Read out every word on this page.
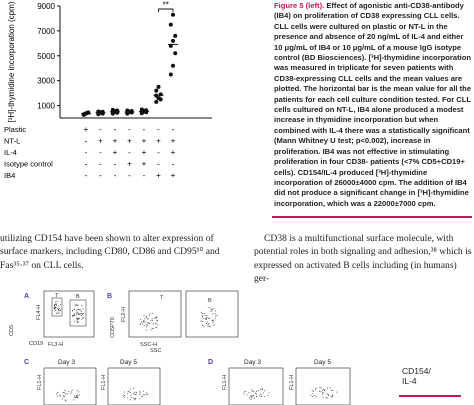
[³H]-thymidine incorporation (cpm)	1000
3000
5000
7000
9000	**
Plastic	+ - - - - - -
NT-L	- + + + + + +
IL-4	- - + - + - +
Isotype control	- - - + + - -
IB4	- - - - - + +
Figure 5 (left). Effect of agonistic anti-CD38-antibody (IB4) on proliferation of CD38 expressing CLL cells. CLL cells were cultured on plastic or NT-L in the presence and absence of 20 ng/mL of IL-4 and either 10 μg/mL of IB4 or 10 μg/mL of a mouse IgG isotype control (BD Biosciences). [³H]-thymidine incorporation was measured in triplicate for seven patients with CD38-expressing CLL cells and the mean values are plotted. The horizontal bar is the mean value for all the patients for each cell culture condition tested. For CLL cells cultured on NT-L, IB4 alone produced a modest increase in thymidine incorporation but when combined with IL-4 there was a statistically significant (Mann Whitney U test; p<0.002), increase in proliferation. IB4 was not effective in stimulating proliferation in four CD38- patients (<7% CD5+CD19+ cells). CD154/IL-4 produced [³H]-thymidine incorporation of 26000±4000 cpm. The addition of IB4 did not produce a significant change in [³H]-thymidine incorporation, which was a 22000±7000 cpm.

utilizing CD154 have been shown to alter expression of surface markers, including CD80, CD86 and CD95¹⁰ and Fas³⁵·³⁷ on CLL cells.

CD38 is a multifunctional surface molecule, with potential roles in both signaling and adhesion,³⁸ which is expressed on activated B cells including (in humans) ger-

A
CD5
CD19
FL4-H
FL3-H
T	B	B
CD5P70
FL2-H
SSC-H
SSC
T	B
C	Day 3	Day 5
FL1-H	FL1-H
D	Day 3	Day 5
FL1-H	FL1-H
CD154/
IL-4
